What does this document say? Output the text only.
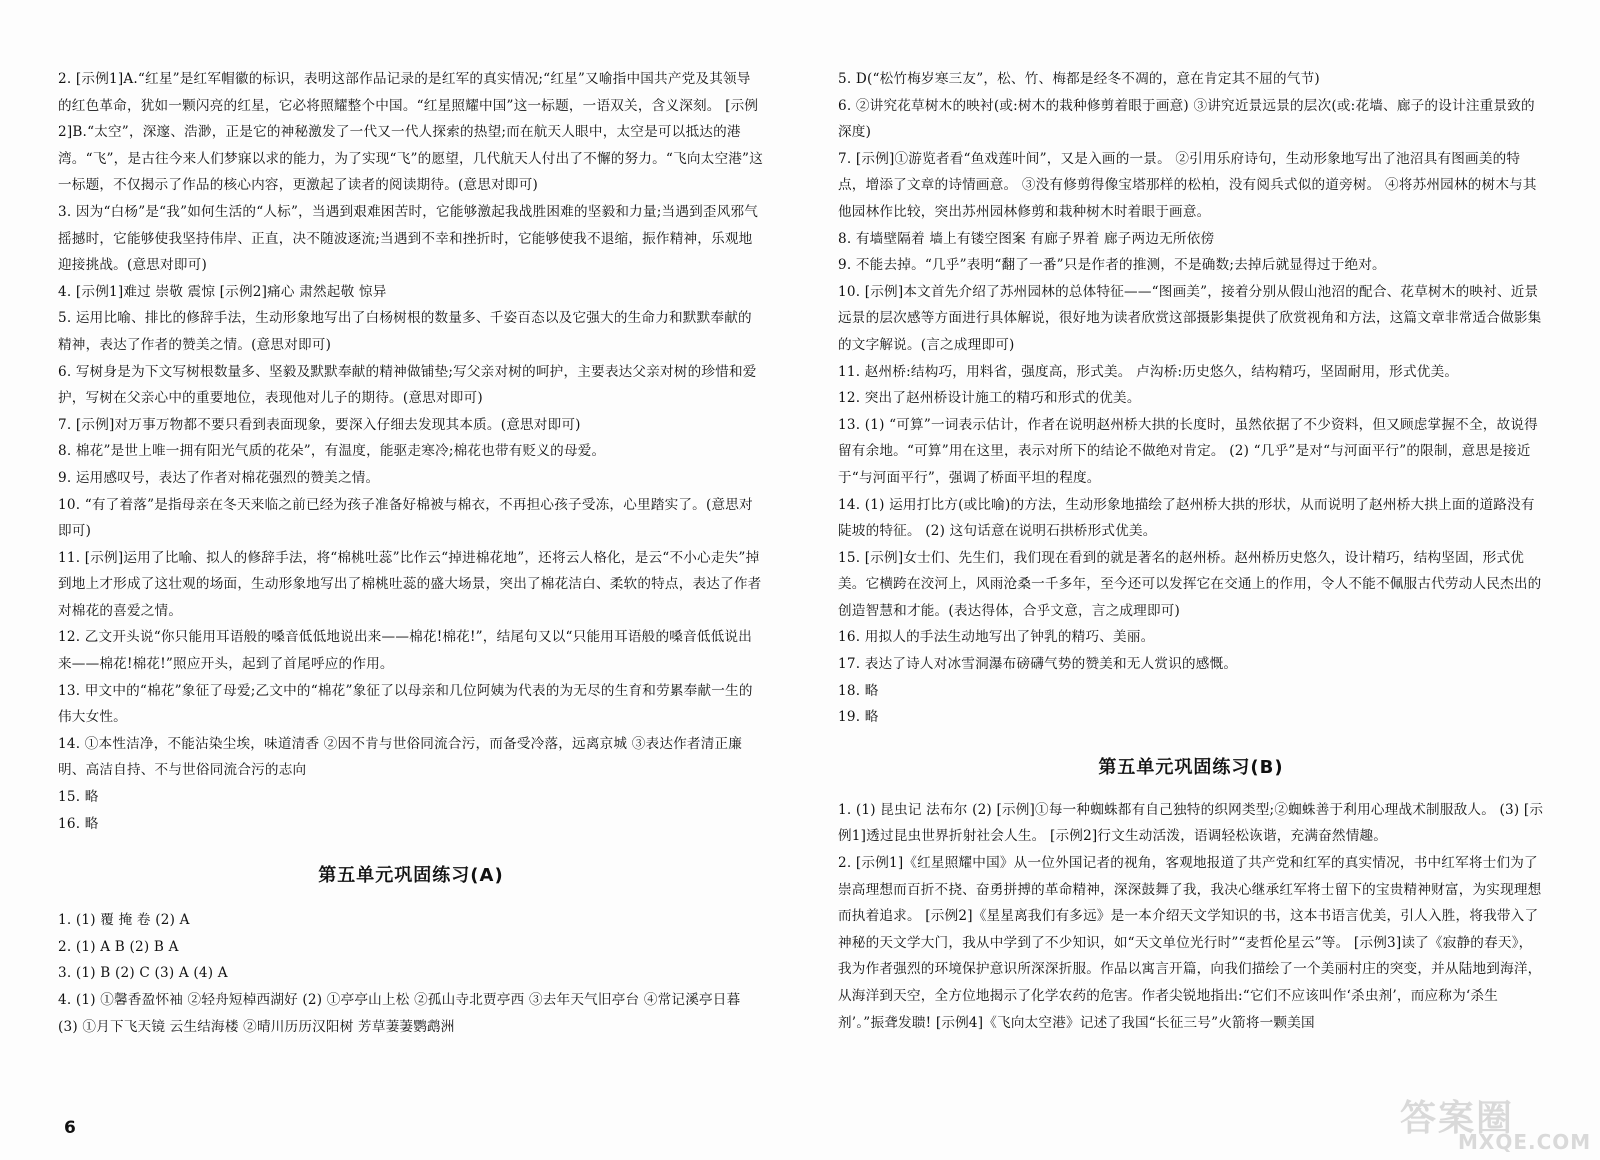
2. [示例1]A.“红星”是红军帽徽的标识，表明这部作品记录的是红军的真实情况;“红星”又喻指中国共产党及其领导的红色革命，犹如一颗闪亮的红星，它必将照耀整个中国。“红星照耀中国”这一标题，一语双关，含义深刻。 [示例2]B.“太空”，深邃、浩渺，正是它的神秘激发了一代又一代人探索的热望;而在航天人眼中，太空是可以抵达的港湾。“飞”，是古往今来人们梦寐以求的能力，为了实现“飞”的愿望，几代航天人付出了不懈的努力。“飞向太空港”这一标题，不仅揭示了作品的核心内容，更激起了读者的阅读期待。(意思对即可)

3. 因为“白杨”是“我”如何生活的“人标”，当遇到艰难困苦时，它能够激起我战胜困难的坚毅和力量;当遇到歪风邪气摇撼时，它能够使我坚持伟岸、正直，决不随波逐流;当遇到不幸和挫折时，它能够使我不退缩，振作精神，乐观地迎接挑战。(意思对即可)

4. [示例1]难过 崇敬 震惊 [示例2]痛心 肃然起敬 惊异

5. 运用比喻、排比的修辞手法，生动形象地写出了白杨树根的数量多、千姿百态以及它强大的生命力和默默奉献的精神，表达了作者的赞美之情。(意思对即可)

6. 写树身是为下文写树根数量多、坚毅及默默奉献的精神做铺垫;写父亲对树的呵护，主要表达父亲对树的珍惜和爱护，写树在父亲心中的重要地位，表现他对儿子的期待。(意思对即可)

7. [示例]对万事万物都不要只看到表面现象，要深入仔细去发现其本质。(意思对即可)

8. 棉花”是世上唯一拥有阳光气质的花朵”，有温度，能驱走寒冷;棉花也带有贬义的母爱。

9. 运用感叹号，表达了作者对棉花强烈的赞美之情。

10. “有了着落”是指母亲在冬天来临之前已经为孩子准备好棉被与棉衣，不再担心孩子受冻，心里踏实了。(意思对即可)

11. [示例]运用了比喻、拟人的修辞手法，将“棉桃吐蕊”比作云“掉进棉花地”，还将云人格化，是云“不小心走失”掉到地上才形成了这壮观的场面，生动形象地写出了棉桃吐蕊的盛大场景，突出了棉花洁白、柔软的特点，表达了作者对棉花的喜爱之情。

12. 乙文开头说“你只能用耳语般的嗓音低低地说出来——棉花!棉花!”，结尾句又以“只能用耳语般的嗓音低低说出来——棉花!棉花!”照应开头，起到了首尾呼应的作用。

13. 甲文中的“棉花”象征了母爱;乙文中的“棉花”象征了以母亲和几位阿姨为代表的为无尽的生育和劳累奉献一生的伟大女性。

14. ①本性洁净，不能沾染尘埃，味道清香 ②因不肯与世俗同流合污，而备受冷落，远离京城 ③表达作者清正廉明、高洁自持、不与世俗同流合污的志向

15. 略

16. 略

第五单元巩固练习(A)

1. (1) 覆 掩 卷 (2) A

2. (1) A B (2) B A

3. (1) B (2) C (3) A (4) A

4. (1) ①馨香盈怀袖 ②轻舟短棹西湖好 (2) ①亭亭山上松 ②孤山寺北贾亭西 ③去年天气旧亭台 ④常记溪亭日暮 (3) ①月下飞天镜 云生结海楼 ②晴川历历汉阳树 芳草萋萋鹦鹉洲

5. D(“松竹梅岁寒三友”，松、竹、梅都是经冬不凋的，意在肯定其不屈的气节)

6. ②讲究花草树木的映衬(或:树木的栽种修剪着眼于画意) ③讲究近景远景的层次(或:花墙、廊子的设计注重景致的深度)

7. [示例]①游览者看“鱼戏莲叶间”，又是入画的一景。 ②引用乐府诗句，生动形象地写出了池沼具有图画美的特点，增添了文章的诗情画意。 ③没有修剪得像宝塔那样的松柏，没有阅兵式似的道旁树。 ④将苏州园林的树木与其他园林作比较，突出苏州园林修剪和栽种树木时着眼于画意。

8. 有墙壁隔着 墙上有镂空图案 有廊子界着 廊子两边无所依傍

9. 不能去掉。“几乎”表明“翻了一番”只是作者的推测，不是确数;去掉后就显得过于绝对。

10. [示例]本文首先介绍了苏州园林的总体特征——“图画美”，接着分别从假山池沼的配合、花草树木的映衬、近景远景的层次感等方面进行具体解说，很好地为读者欣赏这部摄影集提供了欣赏视角和方法，这篇文章非常适合做影集的文字解说。(言之成理即可)

11. 赵州桥:结构巧，用料省，强度高，形式美。 卢沟桥:历史悠久，结构精巧，坚固耐用，形式优美。

12. 突出了赵州桥设计施工的精巧和形式的优美。

13. (1) “可算”一词表示估计，作者在说明赵州桥大拱的长度时，虽然依据了不少资料，但又顾虑掌握不全，故说得留有余地。“可算”用在这里，表示对所下的结论不做绝对肯定。 (2) “几乎”是对“与河面平行”的限制，意思是接近于“与河面平行”，强调了桥面平坦的程度。

14. (1) 运用打比方(或比喻)的方法，生动形象地描绘了赵州桥大拱的形状，从而说明了赵州桥大拱上面的道路没有陡坡的特征。 (2) 这句话意在说明石拱桥形式优美。

15. [示例]女士们、先生们，我们现在看到的就是著名的赵州桥。赵州桥历史悠久，设计精巧，结构坚固，形式优美。它横跨在洨河上，风雨沧桑一千多年，至今还可以发挥它在交通上的作用，令人不能不佩服古代劳动人民杰出的创造智慧和才能。(表达得体，合乎文意，言之成理即可)

16. 用拟人的手法生动地写出了钟乳的精巧、美丽。

17. 表达了诗人对冰雪洞瀑布磅礴气势的赞美和无人赏识的感慨。

18. 略

19. 略

第五单元巩固练习(B)

1. (1) 昆虫记 法布尔 (2) [示例]①每一种蜘蛛都有自己独特的织网类型;②蜘蛛善于利用心理战术制服敌人。 (3) [示例1]透过昆虫世界折射社会人生。 [示例2]行文生动活泼，语调轻松诙谐，充满奋然情趣。

2. [示例1]《红星照耀中国》从一位外国记者的视角，客观地报道了共产党和红军的真实情况，书中红军将士们为了崇高理想而百折不挠、奋勇拼搏的革命精神，深深鼓舞了我，我决心继承红军将士留下的宝贵精神财富，为实现理想而执着追求。 [示例2]《星星离我们有多远》是一本介绍天文学知识的书，这本书语言优美，引人入胜，将我带入了神秘的天文学大门，我从中学到了不少知识，如“天文单位光行时”“麦哲伦星云”等。 [示例3]读了《寂静的春天》，我为作者强烈的环境保护意识所深深折服。作品以寓言开篇，向我们描绘了一个美丽村庄的突变，并从陆地到海洋，从海洋到天空，全方位地揭示了化学农药的危害。作者尖锐地指出:“它们不应该叫作‘杀虫剂’，而应称为‘杀生剂’。”振聋发聩! [示例4]《飞向太空港》记述了我国“长征三号”火箭将一颗美国

6	答案圈
MXQE.COM
